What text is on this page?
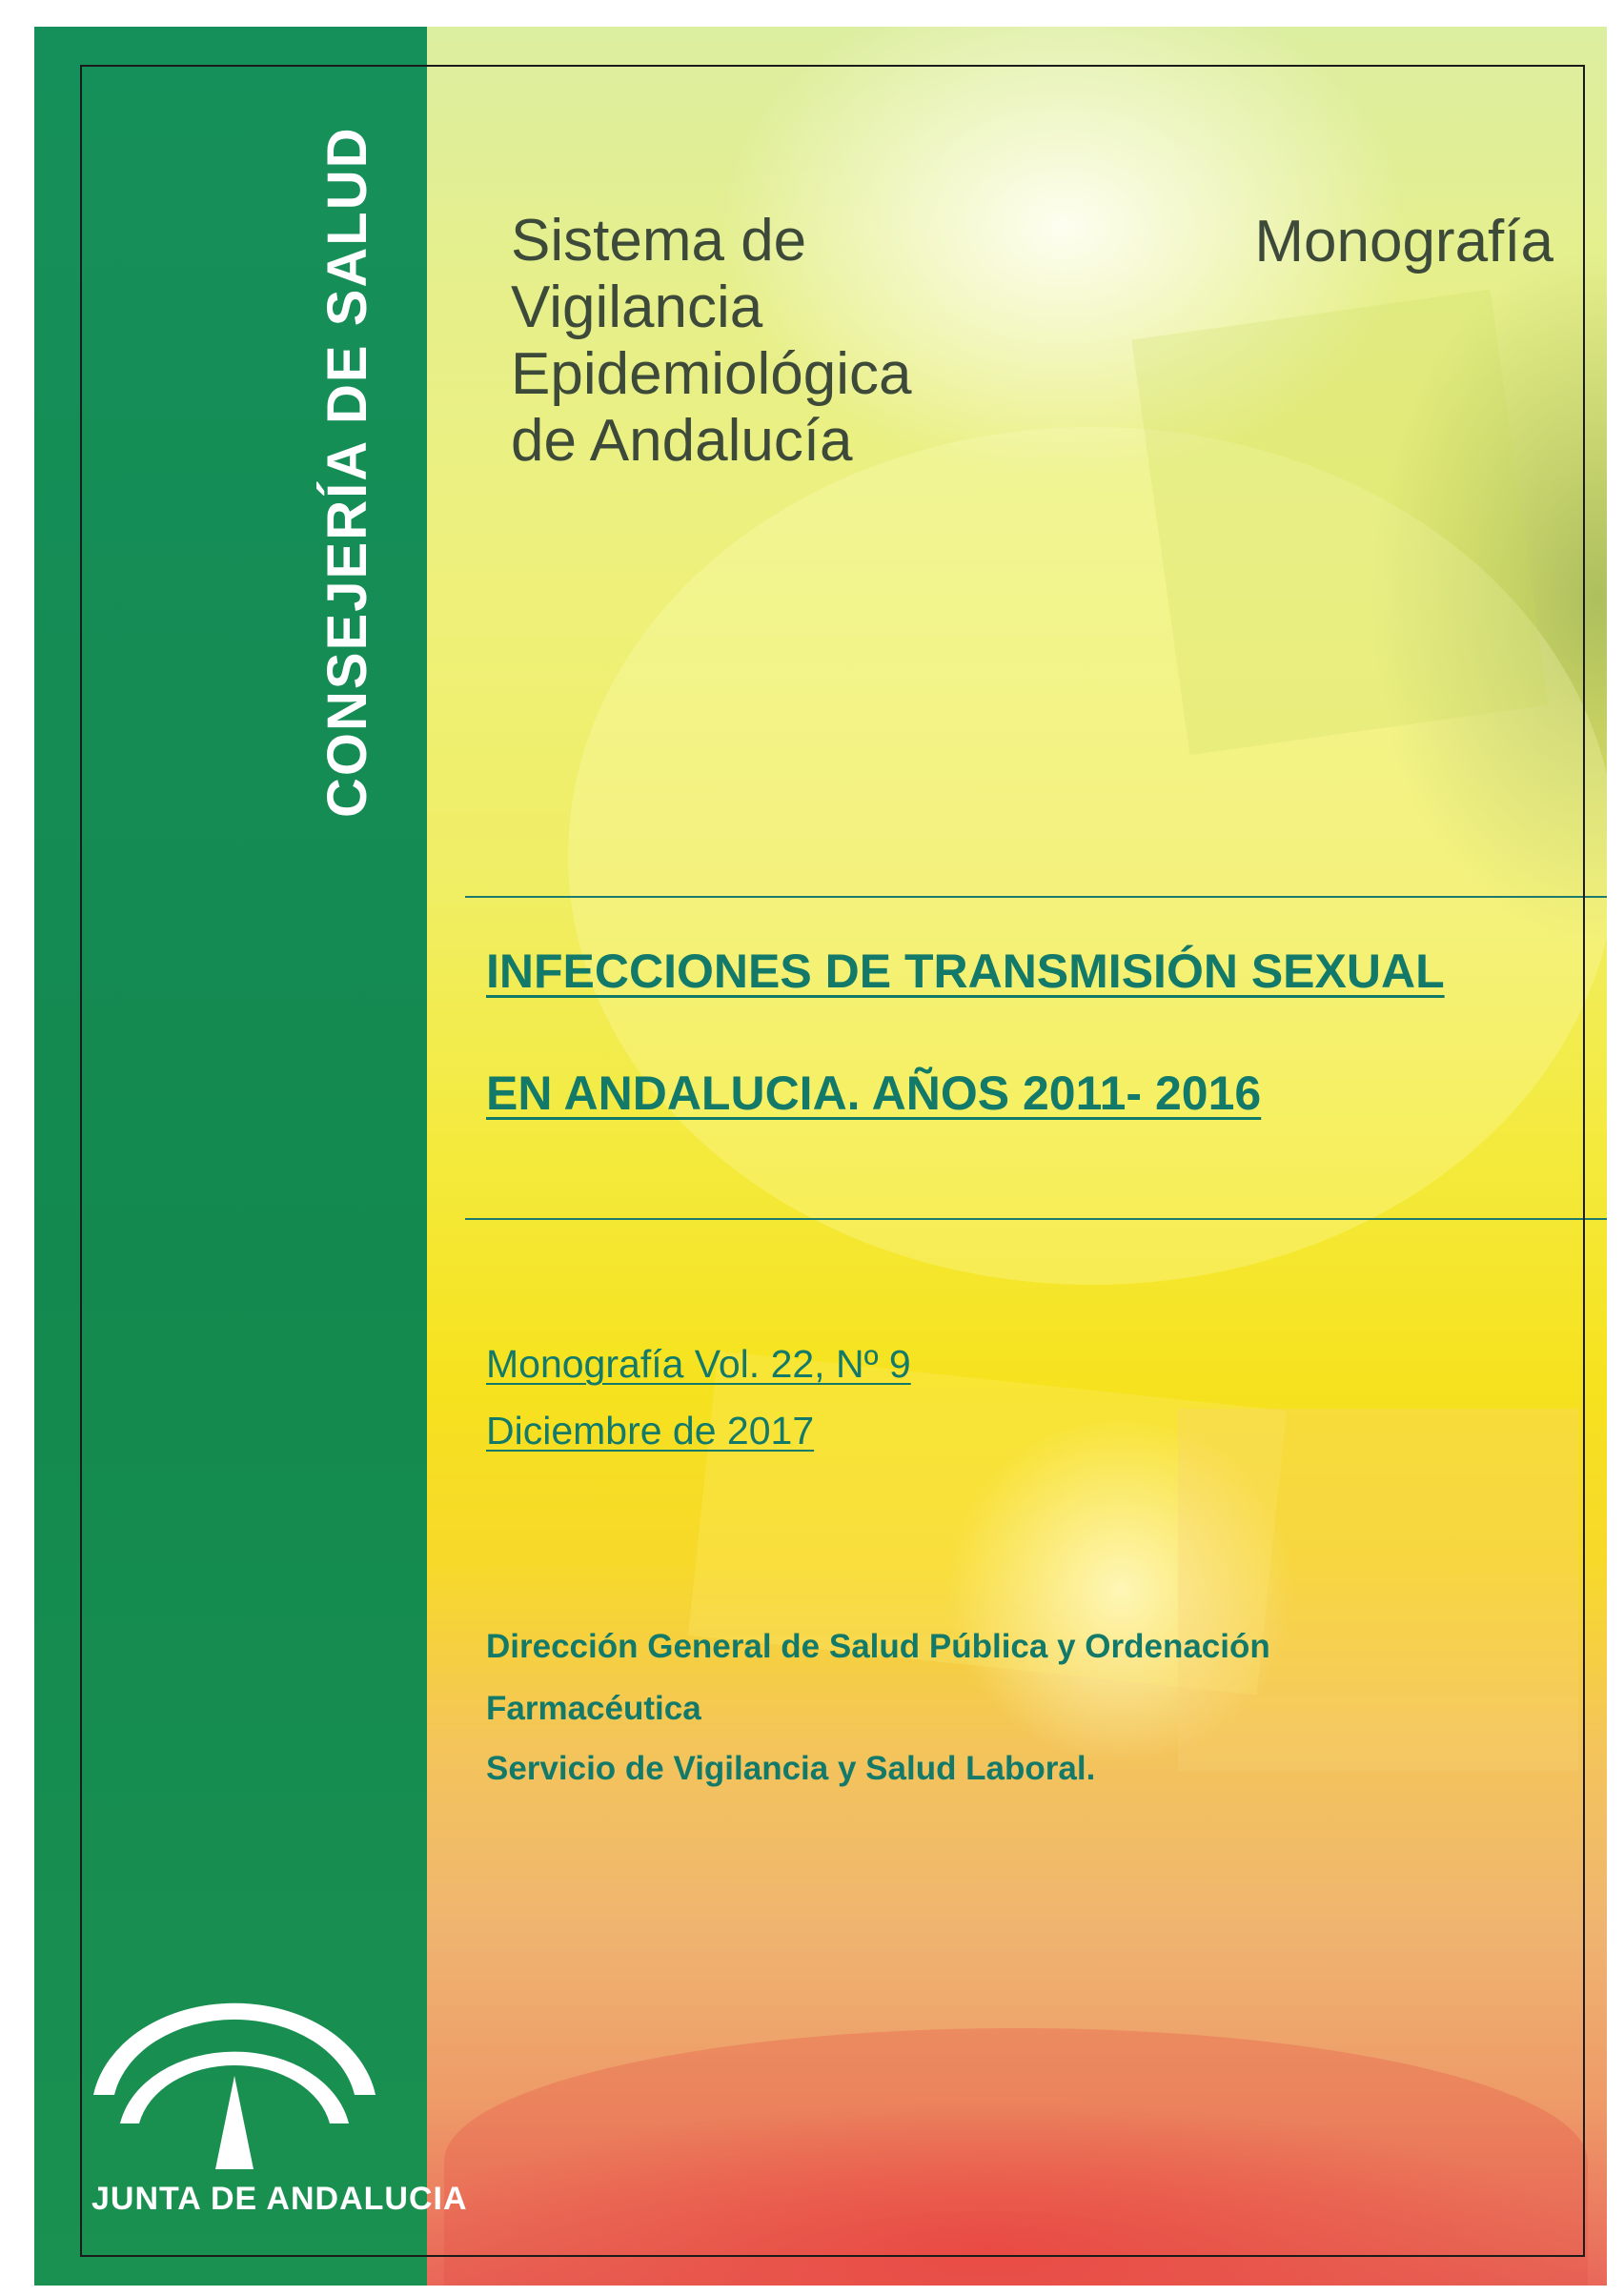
CONSEJERÍA DE SALUD Sistema de
Vigilancia
Epidemiológica
de Andalucía
Monografía
INFECCIONES DE TRANSMISIÓN SEXUAL
EN ANDALUCIA. AÑOS 2011- 2016
Monografía Vol. 22, Nº 9
Diciembre de 2017
Dirección General de Salud Pública y Ordenación
Farmacéutica
Servicio de Vigilancia y Salud Laboral.
JUNTA DE ANDALUCIA
